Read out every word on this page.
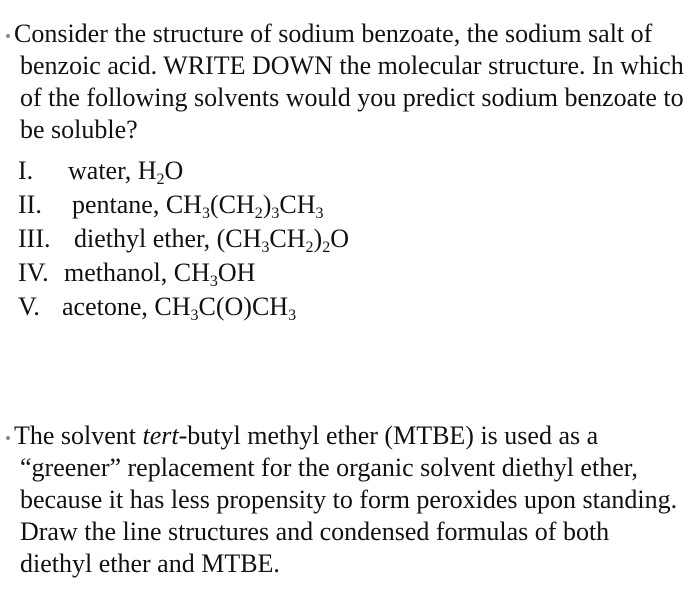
Consider the structure of sodium benzoate, the sodium salt of benzoic acid. WRITE DOWN the molecular structure. In which of the following solvents would you predict sodium benzoate to be soluble?

I. water, $H_2O$
II. pentane, $CH_3(CH_2)_3CH_3$
III. diethyl ether, $(CH_3CH_2)_2O$
IV. methanol, $CH_3OH$
V. acetone, $CH_3C(O)CH_3$

The solvent tert-butyl methyl ether (MTBE) is used as a “greener” replacement for the organic solvent diethyl ether, because it has less propensity to form peroxides upon standing. Draw the line structures and condensed formulas of both diethyl ether and MTBE.
